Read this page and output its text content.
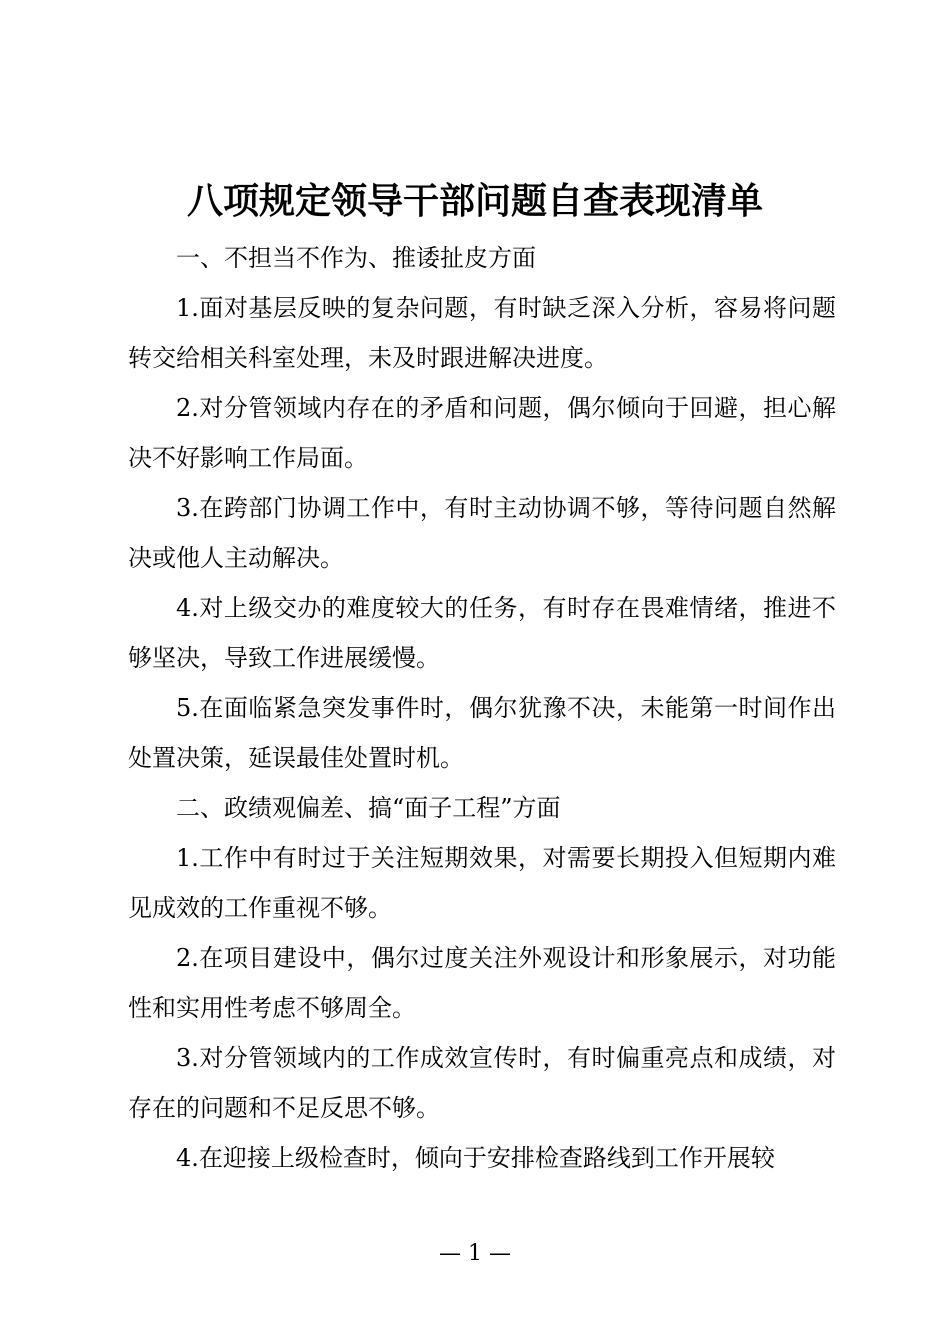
八项规定领导干部问题自查表现清单

一、不担当不作为、推诿扯皮方面

1.面对基层反映的复杂问题，有时缺乏深入分析，容易将问题转交给相关科室处理，未及时跟进解决进度。

2.对分管领域内存在的矛盾和问题，偶尔倾向于回避，担心解决不好影响工作局面。

3.在跨部门协调工作中，有时主动协调不够，等待问题自然解决或他人主动解决。

4.对上级交办的难度较大的任务，有时存在畏难情绪，推进不够坚决，导致工作进展缓慢。

5.在面临紧急突发事件时，偶尔犹豫不决，未能第一时间作出处置决策，延误最佳处置时机。

二、政绩观偏差、搞“面子工程”方面

1.工作中有时过于关注短期效果，对需要长期投入但短期内难见成效的工作重视不够。

2.在项目建设中，偶尔过度关注外观设计和形象展示，对功能性和实用性考虑不够周全。

3.对分管领域内的工作成效宣传时，有时偏重亮点和成绩，对存在的问题和不足反思不够。

4.在迎接上级检查时，倾向于安排检查路线到工作开展较

— 1 —
